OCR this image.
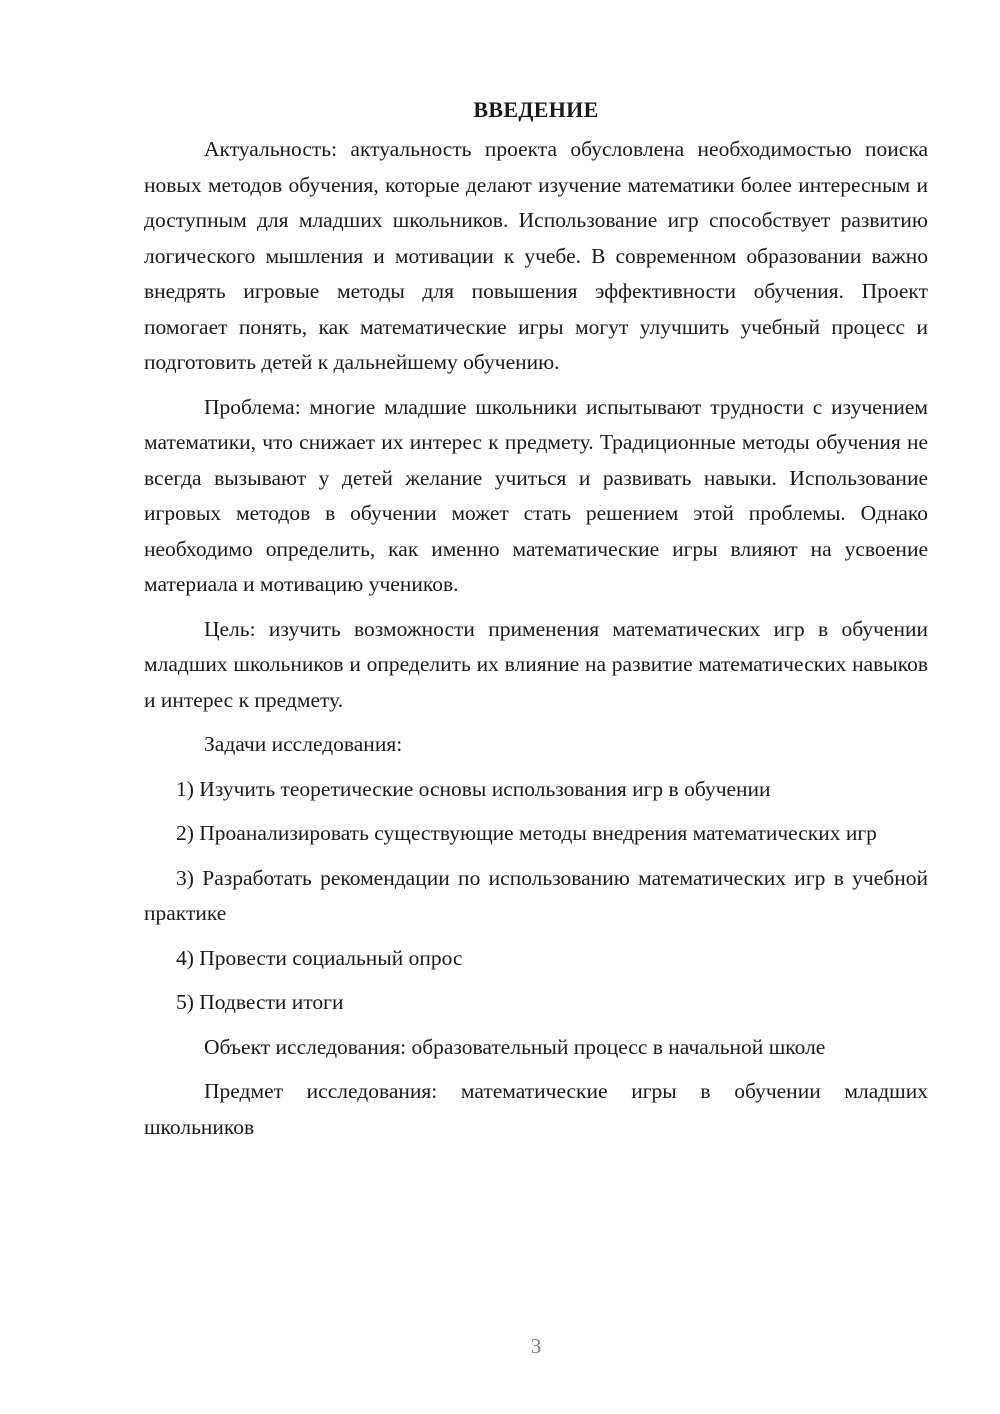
ВВЕДЕНИЕ

Актуальность: актуальность проекта обусловлена необходимостью поиска новых методов обучения, которые делают изучение математики более интересным и доступным для младших школьников. Использование игр способствует развитию логического мышления и мотивации к учебе. В современном образовании важно внедрять игровые методы для повышения эффективности обучения. Проект помогает понять, как математические игры могут улучшить учебный процесс и подготовить детей к дальнейшему обучению.

Проблема: многие младшие школьники испытывают трудности с изучением математики, что снижает их интерес к предмету. Традиционные методы обучения не всегда вызывают у детей желание учиться и развивать навыки. Использование игровых методов в обучении может стать решением этой проблемы. Однако необходимо определить, как именно математические игры влияют на усвоение материала и мотивацию учеников.

Цель: изучить возможности применения математических игр в обучении младших школьников и определить их влияние на развитие математических навыков и интерес к предмету.

Задачи исследования:

1) Изучить теоретические основы использования игр в обучении

2) Проанализировать существующие методы внедрения математических игр

3) Разработать рекомендации по использованию математических игр в учебной практике

4) Провести социальный опрос

5) Подвести итоги

Объект исследования: образовательный процесс в начальной школе

Предмет исследования: математические игры в обучении младших школьников

3
